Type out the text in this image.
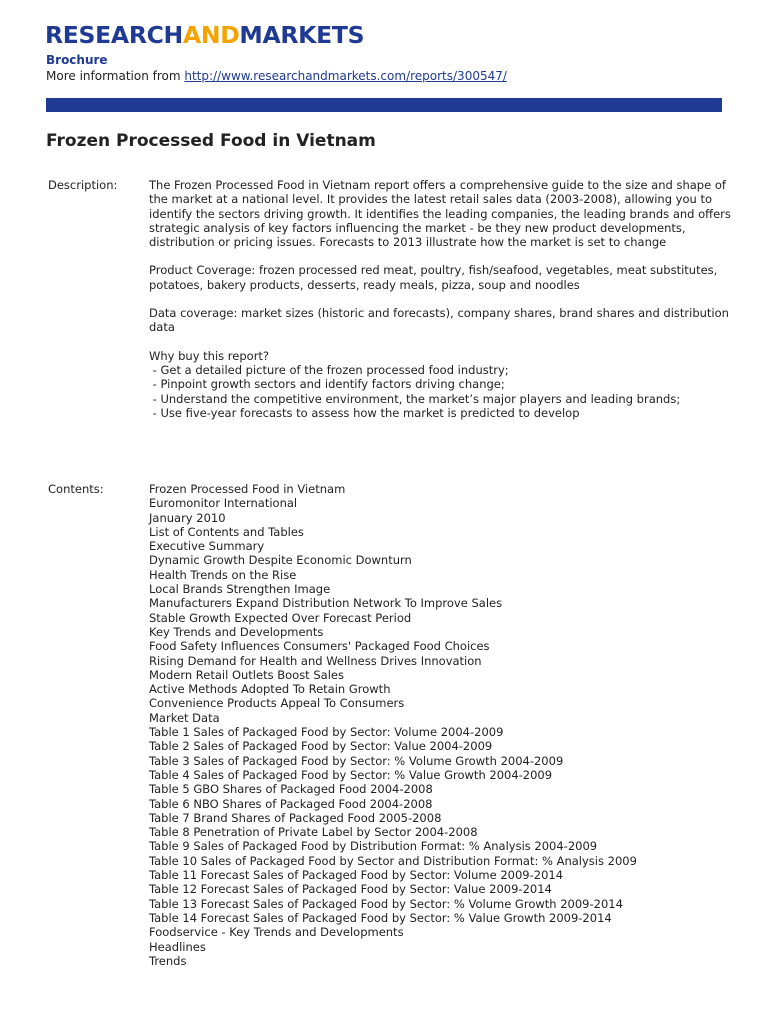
RESEARCHANDMARKETS
Brochure
More information from http://www.researchandmarkets.com/reports/300547/
Frozen Processed Food in Vietnam
Description:	The Frozen Processed Food in Vietnam report offers a comprehensive guide to the size and shape of the market at a national level. It provides the latest retail sales data (2003-2008), allowing you to identify the sectors driving growth. It identifies the leading companies, the leading brands and offers strategic analysis of key factors influencing the market - be they new product developments, distribution or pricing issues. Forecasts to 2013 illustrate how the market is set to change

Product Coverage: frozen processed red meat, poultry, fish/seafood, vegetables, meat substitutes, potatoes, bakery products, desserts, ready meals, pizza, soup and noodles

Data coverage: market sizes (historic and forecasts), company shares, brand shares and distribution data

Why buy this report?
- Get a detailed picture of the frozen processed food industry;
- Pinpoint growth sectors and identify factors driving change;
- Understand the competitive environment, the market’s major players and leading brands;
- Use five-year forecasts to assess how the market is predicted to develop
Contents:	Frozen Processed Food in Vietnam
Euromonitor International
January 2010
List of Contents and Tables
Executive Summary
Dynamic Growth Despite Economic Downturn
Health Trends on the Rise
Local Brands Strengthen Image
Manufacturers Expand Distribution Network To Improve Sales
Stable Growth Expected Over Forecast Period
Key Trends and Developments
Food Safety Influences Consumers' Packaged Food Choices
Rising Demand for Health and Wellness Drives Innovation
Modern Retail Outlets Boost Sales
Active Methods Adopted To Retain Growth
Convenience Products Appeal To Consumers
Market Data
Table 1 Sales of Packaged Food by Sector: Volume 2004-2009
Table 2 Sales of Packaged Food by Sector: Value 2004-2009
Table 3 Sales of Packaged Food by Sector: % Volume Growth 2004-2009
Table 4 Sales of Packaged Food by Sector: % Value Growth 2004-2009
Table 5 GBO Shares of Packaged Food 2004-2008
Table 6 NBO Shares of Packaged Food 2004-2008
Table 7 Brand Shares of Packaged Food 2005-2008
Table 8 Penetration of Private Label by Sector 2004-2008
Table 9 Sales of Packaged Food by Distribution Format: % Analysis 2004-2009
Table 10 Sales of Packaged Food by Sector and Distribution Format: % Analysis 2009
Table 11 Forecast Sales of Packaged Food by Sector: Volume 2009-2014
Table 12 Forecast Sales of Packaged Food by Sector: Value 2009-2014
Table 13 Forecast Sales of Packaged Food by Sector: % Volume Growth 2009-2014
Table 14 Forecast Sales of Packaged Food by Sector: % Value Growth 2009-2014
Foodservice - Key Trends and Developments
Headlines
Trends
